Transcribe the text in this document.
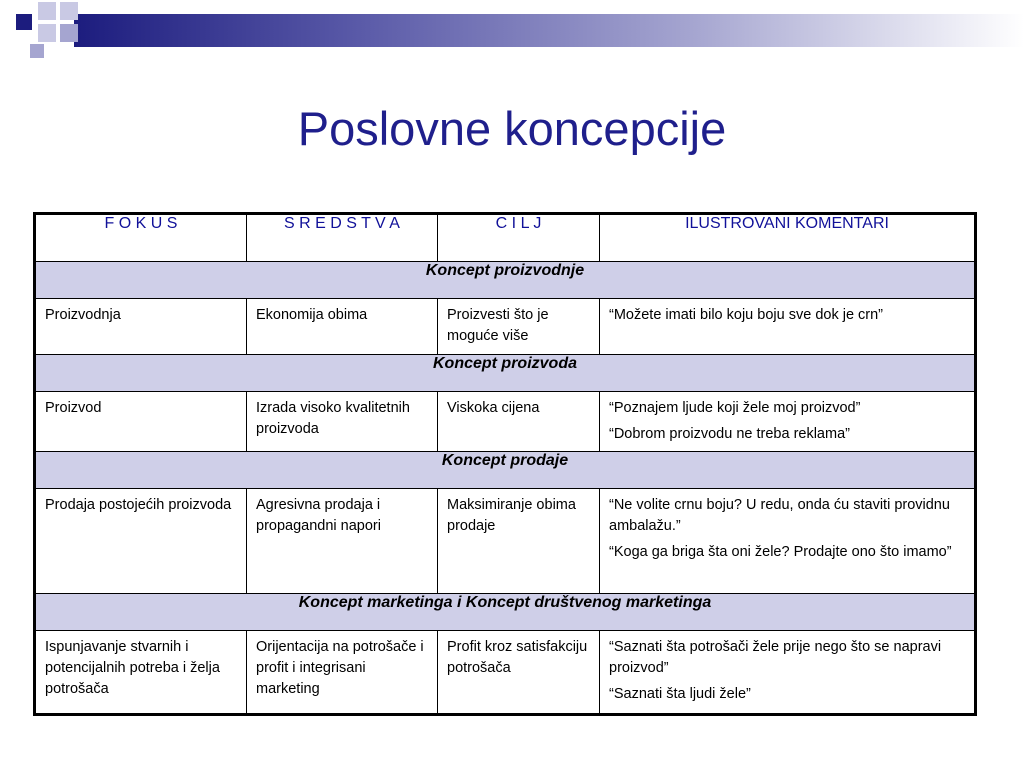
Poslovne koncepcije
F O K U S	S R E D S T V A	C I L J	ILUSTROVANI KOMENTARI
Koncept proizvodnje			
Proizvodnja	Ekonomija obima	Proizvesti što je moguće više	“Možete imati bilo koju boju sve dok je crn”

Koncept proizvoda			
Proizvod	Izrada visoko kvalitetnih proizvoda	Viskoka cijena	“Poznajem ljude koji žele moj proizvod”

“Dobrom proizvodu ne treba reklama”

Koncept prodaje			
Prodaja postojećih proizvoda	Agresivna prodaja i propagandni napori	Maksimiranje obima prodaje	“Ne volite crnu boju? U redu, onda ću staviti providnu ambalažu.”

“Koga ga briga šta oni žele? Prodajte ono što imamo”

Koncept marketinga i Koncept društvenog marketinga			
Ispunjavanje stvarnih i potencijalnih potreba i želja potrošača	Orijentacija na potrošače i profit i integrisani marketing	Profit kroz satisfakciju potrošača	“Saznati šta potrošači žele prije nego što se napravi proizvod”

“Saznati šta ljudi žele”
